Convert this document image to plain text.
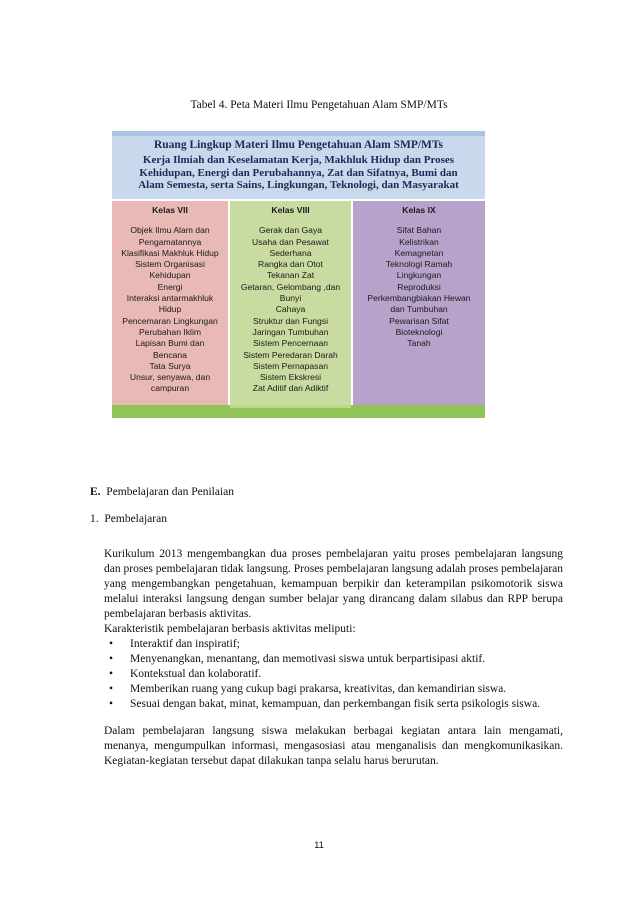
Tabel 4. Peta Materi Ilmu Pengetahuan Alam SMP/MTs
Ruang Lingkup Materi Ilmu Pengetahuan Alam SMP/MTs
Kerja Ilmiah dan Keselamatan Kerja, Makhluk Hidup dan Proses
Kehidupan, Energi dan Perubahannya, Zat dan Sifatnya, Bumi dan
Alam Semesta, serta Sains, Lingkungan, Teknologi, dan Masyarakat
Kelas VII
Objek Ilmu Alam dan
Pengamatannya
Klasifikasi Makhluk Hidup
Sistem Organisasi
Kehidupan
Energi
Interaksi antarmakhluk
Hidup
Pencemaran Lingkungan
Perubahan Iklim
Lapisan Bumi dan
Bencana
Tata Surya
Unsur, senyawa, dan
campuran
Kelas VIII
Gerak dan Gaya
Usaha dan Pesawat
Sederhana
Rangka dan Otot
Tekanan Zat
Getaran, Gelombang ,dan
Bunyi
Cahaya
Struktur dan Fungsi
Jaringan Tumbuhan
Sistem Pencernaan
Sistem Peredaran Darah
Sistem Pernapasan
Sistem Ekskresi
Zat Aditif dan Adiktif
Kelas IX
Sifat Bahan
Kelistrikan
Kemagnetan
Teknologi Ramah
Lingkungan
Reproduksi
Perkembangbiakan Hewan
dan Tumbuhan
Pewarisan Sifat
Bioteknologi
Tanah
E. Pembelajaran dan Penilaian
1. Pembelajaran

Kurikulum 2013 mengembangkan dua proses pembelajaran yaitu proses pembelajaran langsung dan proses pembelajaran tidak langsung. Proses pembelajaran langsung adalah proses pembelajaran yang mengembangkan pengetahuan, kemampuan berpikir dan keterampilan psikomotorik siswa melalui interaksi langsung dengan sumber belajar yang dirancang dalam silabus dan RPP berupa pembelajaran berbasis aktivitas.

Karakteristik pembelajaran berbasis aktivitas meliputi:

• Interaktif dan inspiratif;
• Menyenangkan, menantang, dan memotivasi siswa untuk berpartisipasi aktif.
• Kontekstual dan kolaboratif.
• Memberikan ruang yang cukup bagi prakarsa, kreativitas, dan kemandirian siswa.
• Sesuai dengan bakat, minat, kemampuan, dan perkembangan fisik serta psikologis siswa.

Dalam pembelajaran langsung siswa melakukan berbagai kegiatan antara lain mengamati, menanya, mengumpulkan informasi, mengasosiasi atau menganalisis dan mengkomunikasikan. Kegiatan-kegiatan tersebut dapat dilakukan tanpa selalu harus berurutan.

11
